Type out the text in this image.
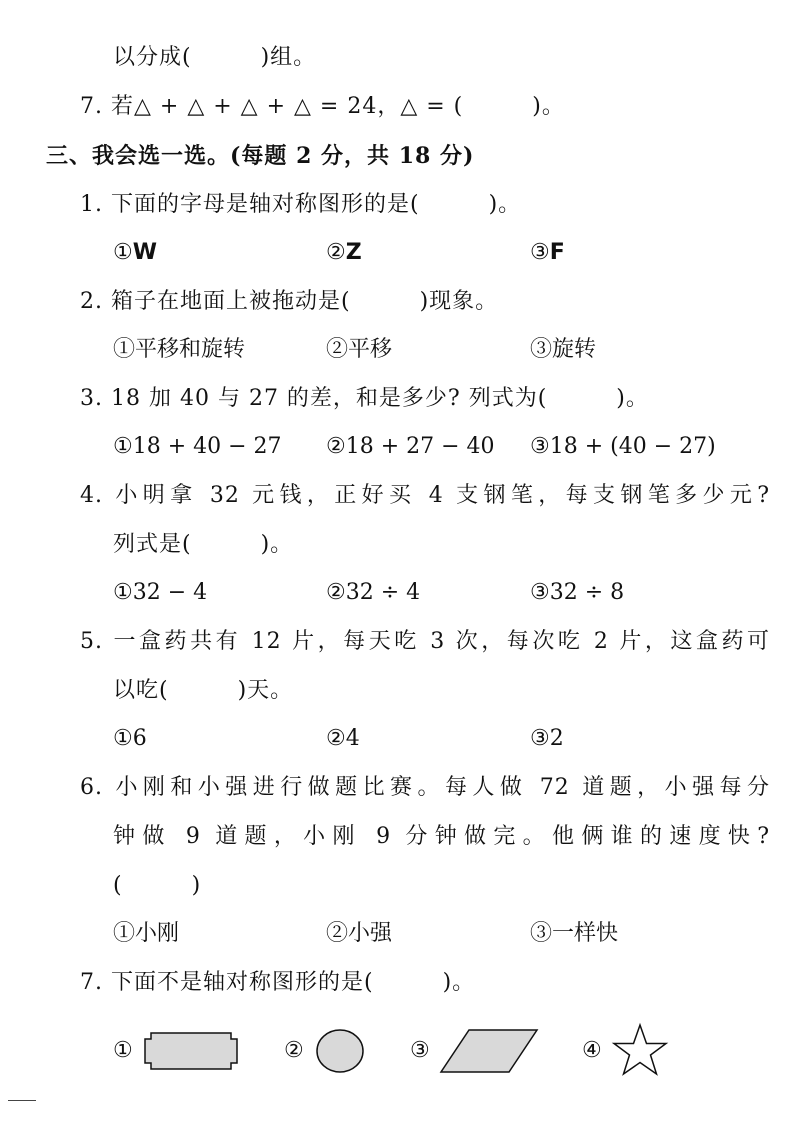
以分成(　　　)组。
7. 若△ + △ + △ + △ = 24，△ = (　　　)。
三、我会选一选。(每题 2 分，共 18 分)
1. 下面的字母是轴对称图形的是(　　　)。
①W	②Z	③F
2. 箱子在地面上被拖动是(　　　)现象。
①平移和旋转	②平移	③旋转
3. 18 加 40 与 27 的差，和是多少? 列式为(　　　)。
①18 + 40 − 27 ②18 + 27 − 40 ③18 + (40 − 27)
4. 小明拿 32 元钱，正好买 4 支钢笔，每支钢笔多少元?
列式是(　　　)。
①32 − 4	②32 ÷ 4	③32 ÷ 8
5. 一盒药共有 12 片，每天吃 3 次，每次吃 2 片，这盒药可
以吃(　　　)天。
①6	②4	③2
6. 小刚和小强进行做题比赛。每人做 72 道题，小强每分
钟做 9 道题，小刚 9 分钟做完。他俩谁的速度快?
(　　　)
①小刚	②小强	③一样快
7. 下面不是轴对称图形的是(　　　)。
①	②	③	④
